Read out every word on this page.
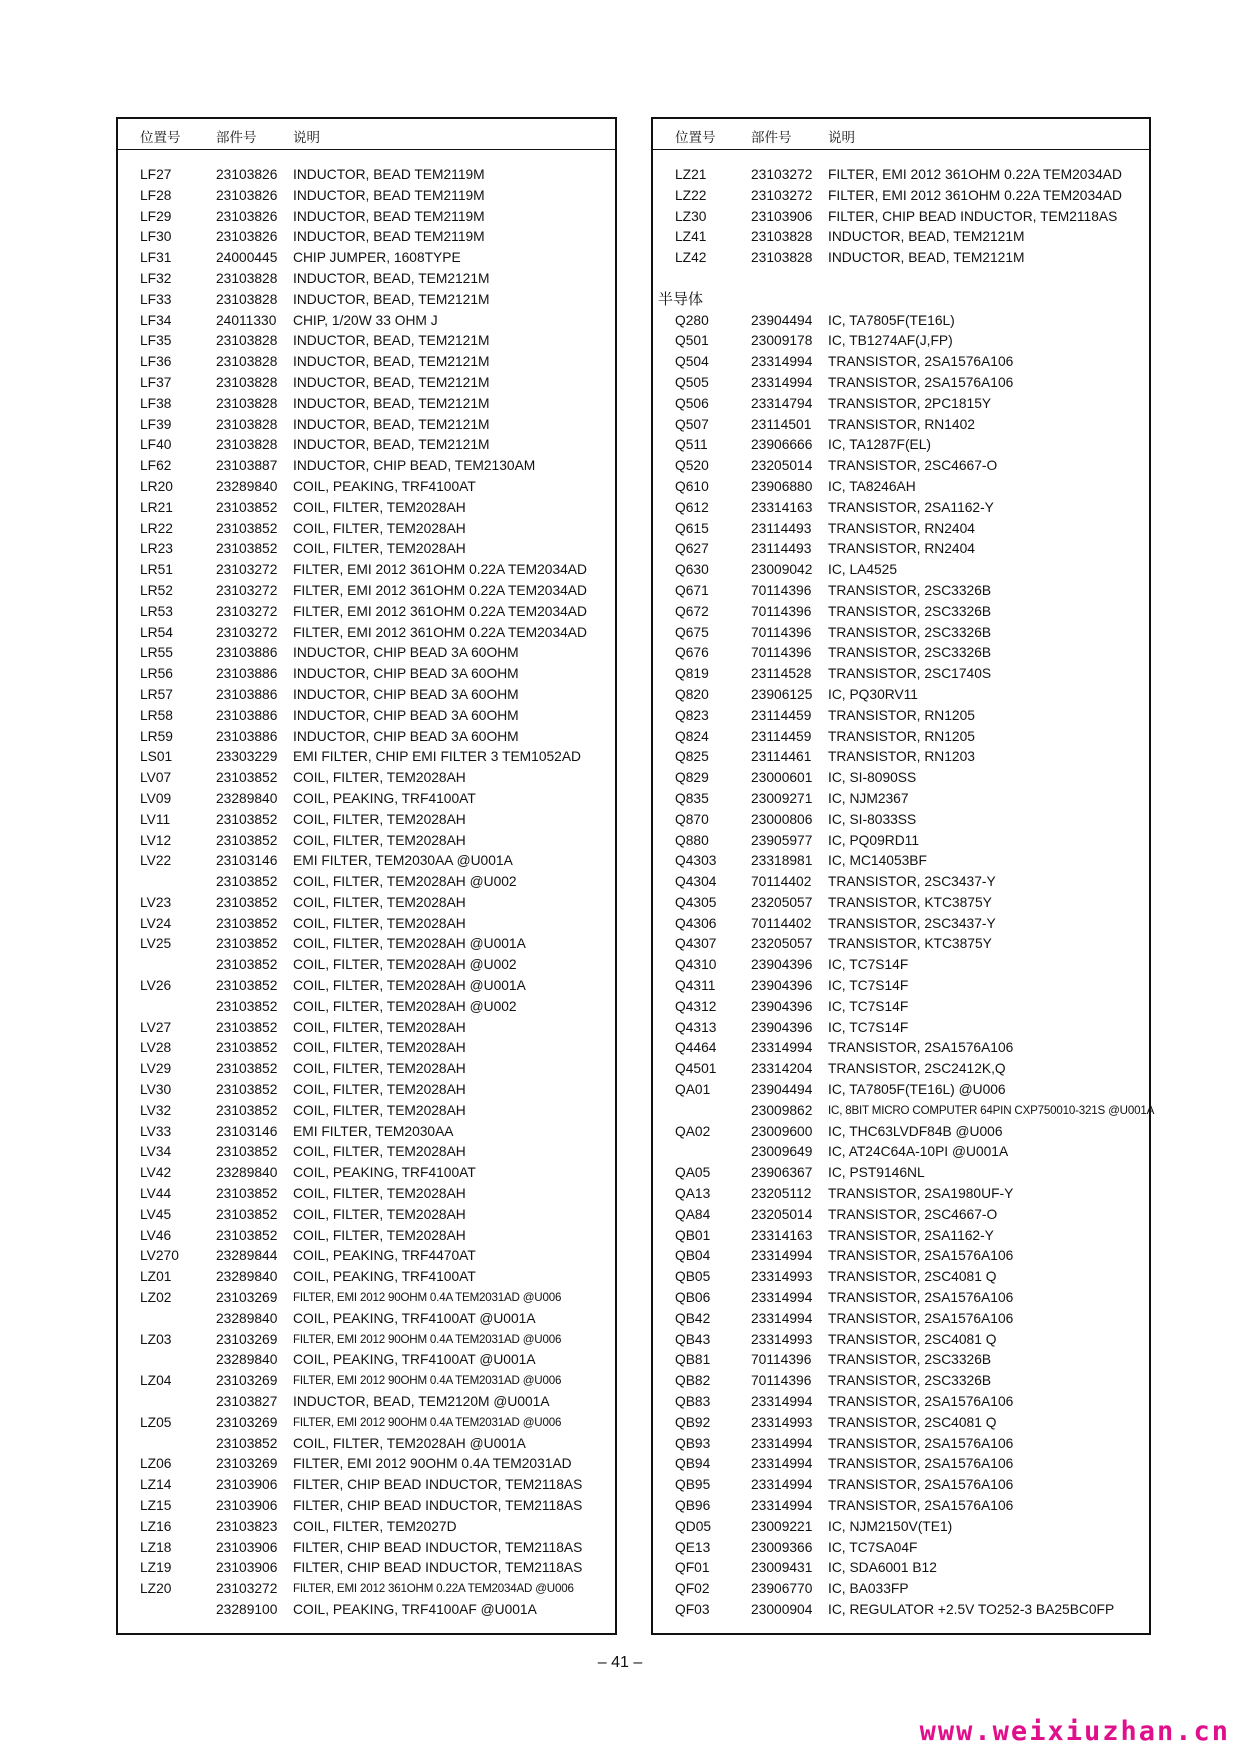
位置号	部件号	说明
LF27	23103826 INDUCTOR, BEAD TEM2119M
LF28	23103826 INDUCTOR, BEAD TEM2119M
LF29	23103826 INDUCTOR, BEAD TEM2119M
LF30	23103826 INDUCTOR, BEAD TEM2119M
LF31	24000445 CHIP JUMPER, 1608TYPE
LF32	23103828 INDUCTOR, BEAD, TEM2121M
LF33	23103828 INDUCTOR, BEAD, TEM2121M
LF34	24011330 CHIP, 1/20W 33 OHM J
LF35	23103828 INDUCTOR, BEAD, TEM2121M
LF36	23103828 INDUCTOR, BEAD, TEM2121M
LF37	23103828 INDUCTOR, BEAD, TEM2121M
LF38	23103828 INDUCTOR, BEAD, TEM2121M
LF39	23103828 INDUCTOR, BEAD, TEM2121M
LF40	23103828 INDUCTOR, BEAD, TEM2121M
LF62	23103887 INDUCTOR, CHIP BEAD, TEM2130AM
LR20	23289840 COIL, PEAKING, TRF4100AT
LR21	23103852 COIL, FILTER, TEM2028AH
LR22	23103852 COIL, FILTER, TEM2028AH
LR23	23103852 COIL, FILTER, TEM2028AH
LR51	23103272 FILTER, EMI 2012 361OHM 0.22A TEM2034AD
LR52	23103272 FILTER, EMI 2012 361OHM 0.22A TEM2034AD
LR53	23103272 FILTER, EMI 2012 361OHM 0.22A TEM2034AD
LR54	23103272 FILTER, EMI 2012 361OHM 0.22A TEM2034AD
LR55	23103886 INDUCTOR, CHIP BEAD 3A 60OHM
LR56	23103886 INDUCTOR, CHIP BEAD 3A 60OHM
LR57	23103886 INDUCTOR, CHIP BEAD 3A 60OHM
LR58	23103886 INDUCTOR, CHIP BEAD 3A 60OHM
LR59	23103886 INDUCTOR, CHIP BEAD 3A 60OHM
LS01	23303229 EMI FILTER, CHIP EMI FILTER 3 TEM1052AD
LV07	23103852 COIL, FILTER, TEM2028AH
LV09	23289840 COIL, PEAKING, TRF4100AT
LV11	23103852 COIL, FILTER, TEM2028AH
LV12	23103852 COIL, FILTER, TEM2028AH
LV22	23103146 EMI FILTER, TEM2030AA @U001A
23103852 COIL, FILTER, TEM2028AH @U002
LV23	23103852 COIL, FILTER, TEM2028AH
LV24	23103852 COIL, FILTER, TEM2028AH
LV25	23103852 COIL, FILTER, TEM2028AH @U001A
23103852 COIL, FILTER, TEM2028AH @U002
LV26	23103852 COIL, FILTER, TEM2028AH @U001A
23103852 COIL, FILTER, TEM2028AH @U002
LV27	23103852 COIL, FILTER, TEM2028AH
LV28	23103852 COIL, FILTER, TEM2028AH
LV29	23103852 COIL, FILTER, TEM2028AH
LV30	23103852 COIL, FILTER, TEM2028AH
LV32	23103852 COIL, FILTER, TEM2028AH
LV33	23103146 EMI FILTER, TEM2030AA
LV34	23103852 COIL, FILTER, TEM2028AH
LV42	23289840 COIL, PEAKING, TRF4100AT
LV44	23103852 COIL, FILTER, TEM2028AH
LV45	23103852 COIL, FILTER, TEM2028AH
LV46	23103852 COIL, FILTER, TEM2028AH
LV270	23289844 COIL, PEAKING, TRF4470AT
LZ01	23289840 COIL, PEAKING, TRF4100AT
LZ02	23103269 FILTER, EMI 2012 90OHM 0.4A TEM2031AD @U006
23289840 COIL, PEAKING, TRF4100AT @U001A
LZ03	23103269 FILTER, EMI 2012 90OHM 0.4A TEM2031AD @U006
23289840 COIL, PEAKING, TRF4100AT @U001A
LZ04	23103269 FILTER, EMI 2012 90OHM 0.4A TEM2031AD @U006
23103827 INDUCTOR, BEAD, TEM2120M @U001A
LZ05	23103269 FILTER, EMI 2012 90OHM 0.4A TEM2031AD @U006
23103852 COIL, FILTER, TEM2028AH @U001A
LZ06	23103269 FILTER, EMI 2012 90OHM 0.4A TEM2031AD
LZ14	23103906 FILTER, CHIP BEAD INDUCTOR, TEM2118AS
LZ15	23103906 FILTER, CHIP BEAD INDUCTOR, TEM2118AS
LZ16	23103823 COIL, FILTER, TEM2027D
LZ18	23103906 FILTER, CHIP BEAD INDUCTOR, TEM2118AS
LZ19	23103906 FILTER, CHIP BEAD INDUCTOR, TEM2118AS
LZ20	23103272 FILTER, EMI 2012 361OHM 0.22A TEM2034AD @U006
23289100 COIL, PEAKING, TRF4100AF @U001A
位置号	部件号	说明
LZ21	23103272 FILTER, EMI 2012 361OHM 0.22A TEM2034AD
LZ22	23103272 FILTER, EMI 2012 361OHM 0.22A TEM2034AD
LZ30	23103906 FILTER, CHIP BEAD INDUCTOR, TEM2118AS
LZ41	23103828 INDUCTOR, BEAD, TEM2121M
LZ42	23103828 INDUCTOR, BEAD, TEM2121M
半导体
Q280	23904494 IC, TA7805F(TE16L)
Q501	23009178 IC, TB1274AF(J,FP)
Q504	23314994 TRANSISTOR, 2SA1576A106
Q505	23314994 TRANSISTOR, 2SA1576A106
Q506	23314794 TRANSISTOR, 2PC1815Y
Q507	23114501 TRANSISTOR, RN1402
Q511	23906666 IC, TA1287F(EL)
Q520	23205014 TRANSISTOR, 2SC4667-O
Q610	23906880 IC, TA8246AH
Q612	23314163 TRANSISTOR, 2SA1162-Y
Q615	23114493 TRANSISTOR, RN2404
Q627	23114493 TRANSISTOR, RN2404
Q630	23009042 IC, LA4525
Q671	70114396 TRANSISTOR, 2SC3326B
Q672	70114396 TRANSISTOR, 2SC3326B
Q675	70114396 TRANSISTOR, 2SC3326B
Q676	70114396 TRANSISTOR, 2SC3326B
Q819	23114528 TRANSISTOR, 2SC1740S
Q820	23906125 IC, PQ30RV11
Q823	23114459 TRANSISTOR, RN1205
Q824	23114459 TRANSISTOR, RN1205
Q825	23114461 TRANSISTOR, RN1203
Q829	23000601 IC, SI-8090SS
Q835	23009271 IC, NJM2367
Q870	23000806 IC, SI-8033SS
Q880	23905977 IC, PQ09RD11
Q4303	23318981 IC, MC14053BF
Q4304	70114402 TRANSISTOR, 2SC3437-Y
Q4305	23205057 TRANSISTOR, KTC3875Y
Q4306	70114402 TRANSISTOR, 2SC3437-Y
Q4307	23205057 TRANSISTOR, KTC3875Y
Q4310	23904396 IC, TC7S14F
Q4311	23904396 IC, TC7S14F
Q4312	23904396 IC, TC7S14F
Q4313	23904396 IC, TC7S14F
Q4464	23314994 TRANSISTOR, 2SA1576A106
Q4501	23314204 TRANSISTOR, 2SC2412K,Q
QA01	23904494 IC, TA7805F(TE16L) @U006
23009862 IC, 8BIT MICRO COMPUTER 64PIN CXP750010-321S @U001A
QA02	23009600 IC, THC63LVDF84B @U006
23009649 IC, AT24C64A-10PI @U001A
QA05	23906367 IC, PST9146NL
QA13	23205112 TRANSISTOR, 2SA1980UF-Y
QA84	23205014 TRANSISTOR, 2SC4667-O
QB01	23314163 TRANSISTOR, 2SA1162-Y
QB04	23314994 TRANSISTOR, 2SA1576A106
QB05	23314993 TRANSISTOR, 2SC4081 Q
QB06	23314994 TRANSISTOR, 2SA1576A106
QB42	23314994 TRANSISTOR, 2SA1576A106
QB43	23314993 TRANSISTOR, 2SC4081 Q
QB81	70114396 TRANSISTOR, 2SC3326B
QB82	70114396 TRANSISTOR, 2SC3326B
QB83	23314994 TRANSISTOR, 2SA1576A106
QB92	23314993 TRANSISTOR, 2SC4081 Q
QB93	23314994 TRANSISTOR, 2SA1576A106
QB94	23314994 TRANSISTOR, 2SA1576A106
QB95	23314994 TRANSISTOR, 2SA1576A106
QB96	23314994 TRANSISTOR, 2SA1576A106
QD05	23009221 IC, NJM2150V(TE1)
QE13	23009366 IC, TC7SA04F
QF01	23009431 IC, SDA6001 B12
QF02	23906770 IC, BA033FP
QF03	23000904 IC, REGULATOR +2.5V TO252-3 BA25BC0FP
– 41 –
www.weixiuzhan.cn
